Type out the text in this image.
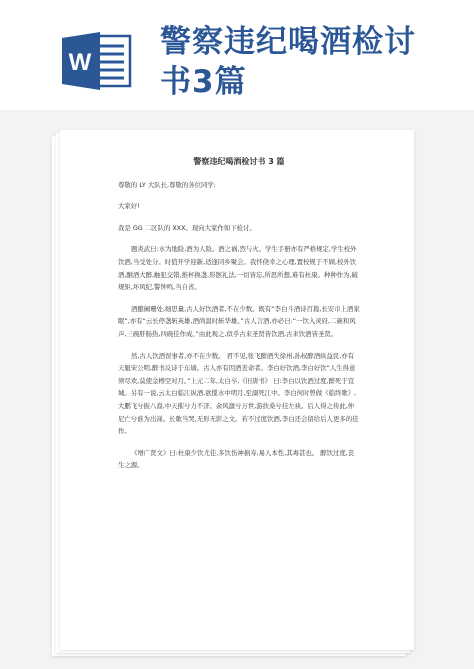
W
警察违纪喝酒检讨
书3篇
警察违纪喝酒检讨书 3 篇

尊敬的 LY 大队长,尊敬的各位同学:

大家好!

我是 GG 二区队的 XXX。现向大家作如下检讨。

题炎武曰:水为地险,酒为人险。酒之祸,烈与火。学生手册亦有严格规定,学生校外饮酒,当受处分。时值开学迎新,适逢同乡聚会。我怀侥幸之心理,置校规于不顾,校外饮酒,酗酒大醉,触犯交错,推杯换盏,形骸礼法,一切皆忘,所思所想,难有杜康。种种作为,破规矩,坏风纪,警钟鸣,当自省。

酒酿阑珊处,细思量,古人好饮酒者,不在少数。既有“李白斗酒诗百篇,长安市上酒家眠”,亦有“云长停盏斩英雄,酒尚温时斩华雄。”古人言酒,亦必曰:“一饮入灵府,二碗和风声,三碗肝肠热,四碗佳作成。”由此观之,似乎古来圣贤皆饮酒,古来饮酒皆圣贤。

然,古人饮酒误事者,亦不在少数。 君不见,张飞醉酒失徐州,孙权醉酒纵益民,亦有天魁宋公明,醉书反诗于东墙。古人亦有因酒丧命者。李白好饮酒,李白好饮“人生得意须尽欢,莫使金樽空对月。”上元二年,太白卒,《旧唐书》 曰:李白以饮酒过度,醉死于宣城。另有一说,云太白临江纵酒,欲揽水中明月,至溺死江中。李白何时曾做《临终歌》,大鹏飞兮振八裔,中天摧兮力不济。余风激兮万世,游扶桑兮挂左袂。后人得之传此,仲尼亡兮谁为出涕。长歌当哭,无形无影之文。若不过度饮酒,李白还会留给后人更多的佳作。

《增广贤文》曰:杜康少饮尤佳,多饮伤神损寿,易人本性,其毒甚也。 醉饮过度,丧生之源。
